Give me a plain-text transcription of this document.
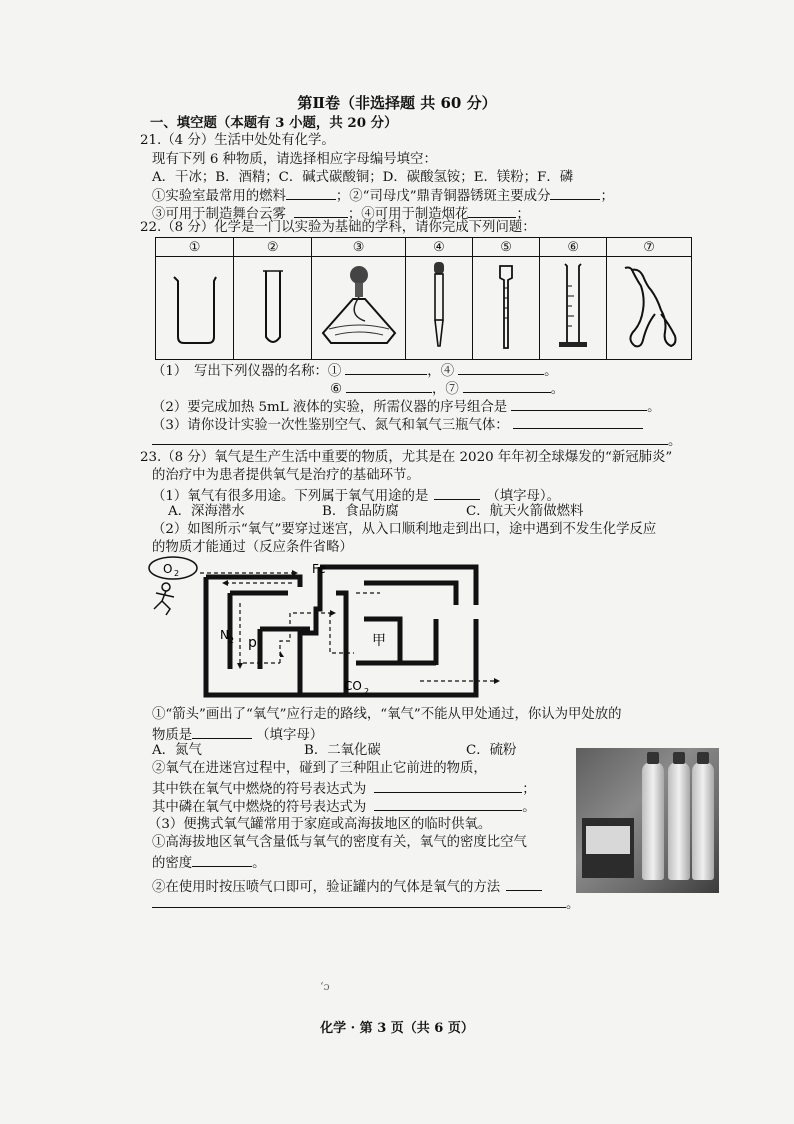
第Ⅱ卷（非选择题 共 60 分）
一、填空题（本题有 3 小题，共 20 分）
21.（4 分）生活中处处有化学。
现有下列 6 种物质，请选择相应字母编号填空：
A．干冰；B．酒精；C．碱式碳酸铜；D．碳酸氢铵；E．镁粉；F．磷
①实验室最常用的燃料	；②“司母戊”鼎青铜器锈斑主要成分	；
③可用于制造舞台云雾	；④可用于制造烟花	；
22.（8 分）化学是一门以实验为基础的学科，请你完成下列问题：
①	②	③	④	⑤	⑥	⑦

（1）　写出下列仪器的名称：①	，④	。
⑥	，⑦	。
（2）要完成加热 5mL 液体的实验，所需仪器的序号组合是	。
（3）请你设计实验一次性鉴别空气、氮气和氧气三瓶气体：
。
23.（8 分）氧气是生产生活中重要的物质，尤其是在 2020 年年初全球爆发的“新冠肺炎”
的治疗中为患者提供氧气是治疗的基础环节。
（1）氧气有很多用途。下列属于氧气用途的是	（填字母）。
A．深海潜水	B．食品防腐	C．航天火箭做燃料
（2）如图所示“氧气”要穿过迷宫，从入口顺利地走到出口，途中遇到不发生化学反应
的物质才能通过（反应条件省略）
O 2	Fe
N 2 p	甲
CO 2
①“箭头”画出了“氧气”应行走的路线，“氧气”不能从甲处通过，你认为甲处放的
物质是	（填字母）
A．氮气	B．二氧化碳	C．硫粉
②氧气在进迷宫过程中，碰到了三种阻止它前进的物质，
其中铁在氧气中燃烧的符号表达式为	；
其中磷在氧气中燃烧的符号表达式为	。
（3）便携式氧气罐常用于家庭或高海拔地区的临时供氧。
①高海拔地区氧气含量低与氧气的密度有关，氧气的密度比空气
的密度	。
②在使用时按压喷气口即可，验证罐内的气体是氧气的方法
。
ʻɔ
化学 · 第 3 页（共 6 页）
